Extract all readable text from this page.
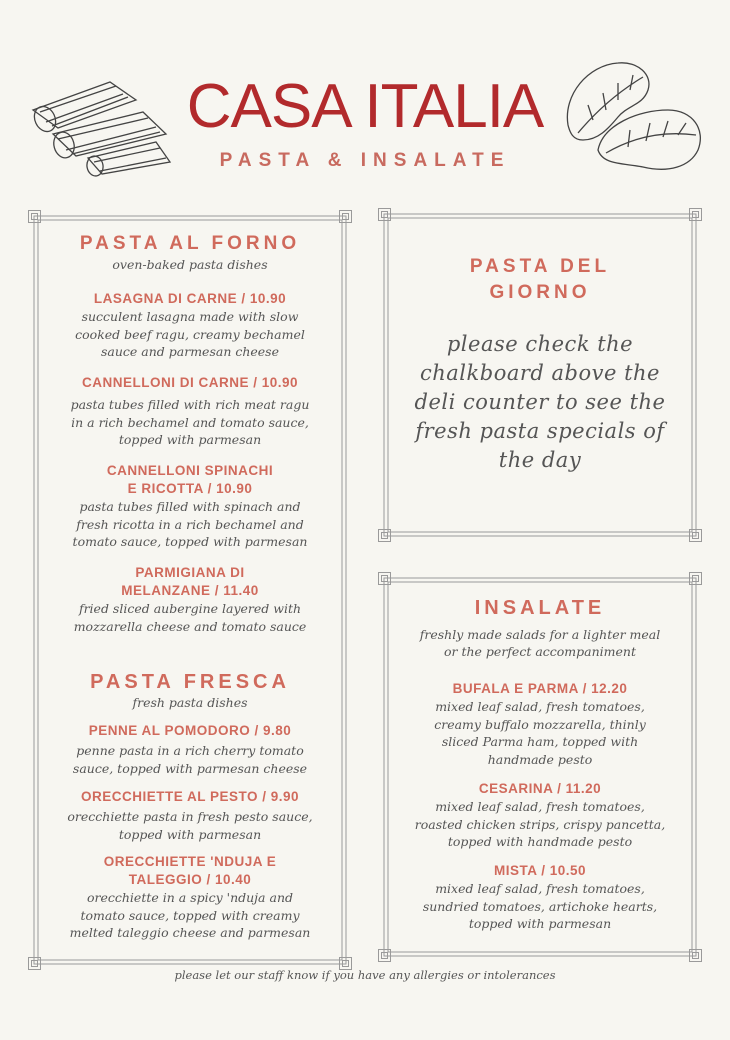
CASA ITALIA
PASTA & INSALATE

PASTA AL FORNO

oven-baked pasta dishes

LASAGNA DI CARNE / 10.90

succulent lasagna made with slow

cooked beef ragu, creamy bechamel

sauce and parmesan cheese

CANNELLONI DI CARNE / 10.90

pasta tubes filled with rich meat ragu

in a rich bechamel and tomato sauce,

topped with parmesan

CANNELLONI SPINACHI
E RICOTTA / 10.90

pasta tubes filled with spinach and

fresh ricotta in a rich bechamel and

tomato sauce, topped with parmesan

PARMIGIANA DI
MELANZANE / 11.40

fried sliced aubergine layered with

mozzarella cheese and tomato sauce

PASTA FRESCA

fresh pasta dishes

PENNE AL POMODORO / 9.80

penne pasta in a rich cherry tomato

sauce, topped with parmesan cheese

ORECCHIETTE AL PESTO / 9.90

orecchiette pasta in fresh pesto sauce,

topped with parmesan

ORECCHIETTE 'NDUJA E
TALEGGIO / 10.40

orecchiette in a spicy 'nduja and

tomato sauce, topped with creamy

melted taleggio cheese and parmesan

PASTA DEL
GIORNO

please check the

chalkboard above the

deli counter to see the

fresh pasta specials of

the day

INSALATE

freshly made salads for a lighter meal

or the perfect accompaniment

BUFALA E PARMA / 12.20

mixed leaf salad, fresh tomatoes,

creamy buffalo mozzarella, thinly

sliced Parma ham, topped with

handmade pesto

CESARINA / 11.20

mixed leaf salad, fresh tomatoes,

roasted chicken strips, crispy pancetta,

topped with handmade pesto

MISTA / 10.50

mixed leaf salad, fresh tomatoes,

sundried tomatoes, artichoke hearts,

topped with parmesan

please let our staff know if you have any allergies or intolerances
